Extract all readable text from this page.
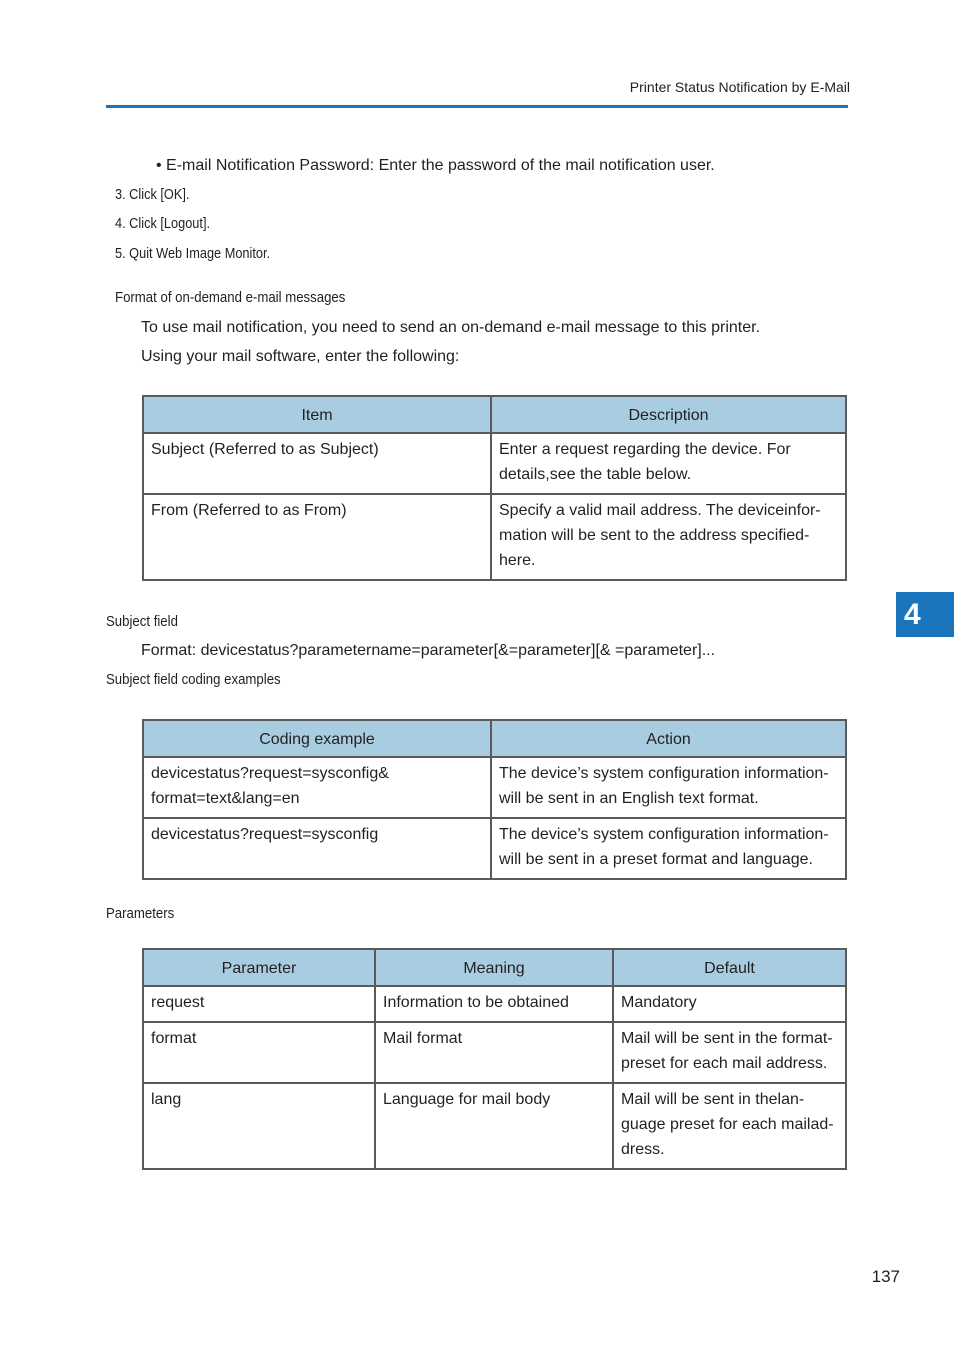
Printer Status Notification by E-Mail
• E-mail Notification Password: Enter the password of the mail notification user.
3. Click [OK].
4. Click [Logout].
5. Quit Web Image Monitor.
Format of on-demand e-mail messages
To use mail notification, you need to send an on-demand e-mail message to this printer.
Using your mail software, enter the following:
Item	Description
Subject (Referred to as Subject)	Enter a request regarding the device. For details,see the table below.
From (Referred to as From)	Specify a valid mail address. The deviceinfor-mation will be sent to the address specified-here.
Subject field
Format: devicestatus?parametername=parameter[&=parameter][& =parameter]...
Subject field coding examples
Coding example	Action
devicestatus?request=sysconfig& format=text&lang=en	The device’s system configuration information-will be sent in an English text format.
devicestatus?request=sysconfig	The device’s system configuration information-will be sent in a preset format and language.
Parameters
Parameter	Meaning	Default
request	Information to be obtained	Mandatory
format	Mail format	Mail will be sent in the format-preset for each mail address.
lang	Language for mail body	Mail will be sent in thelan-guage preset for each mailad-dress.
4
137
